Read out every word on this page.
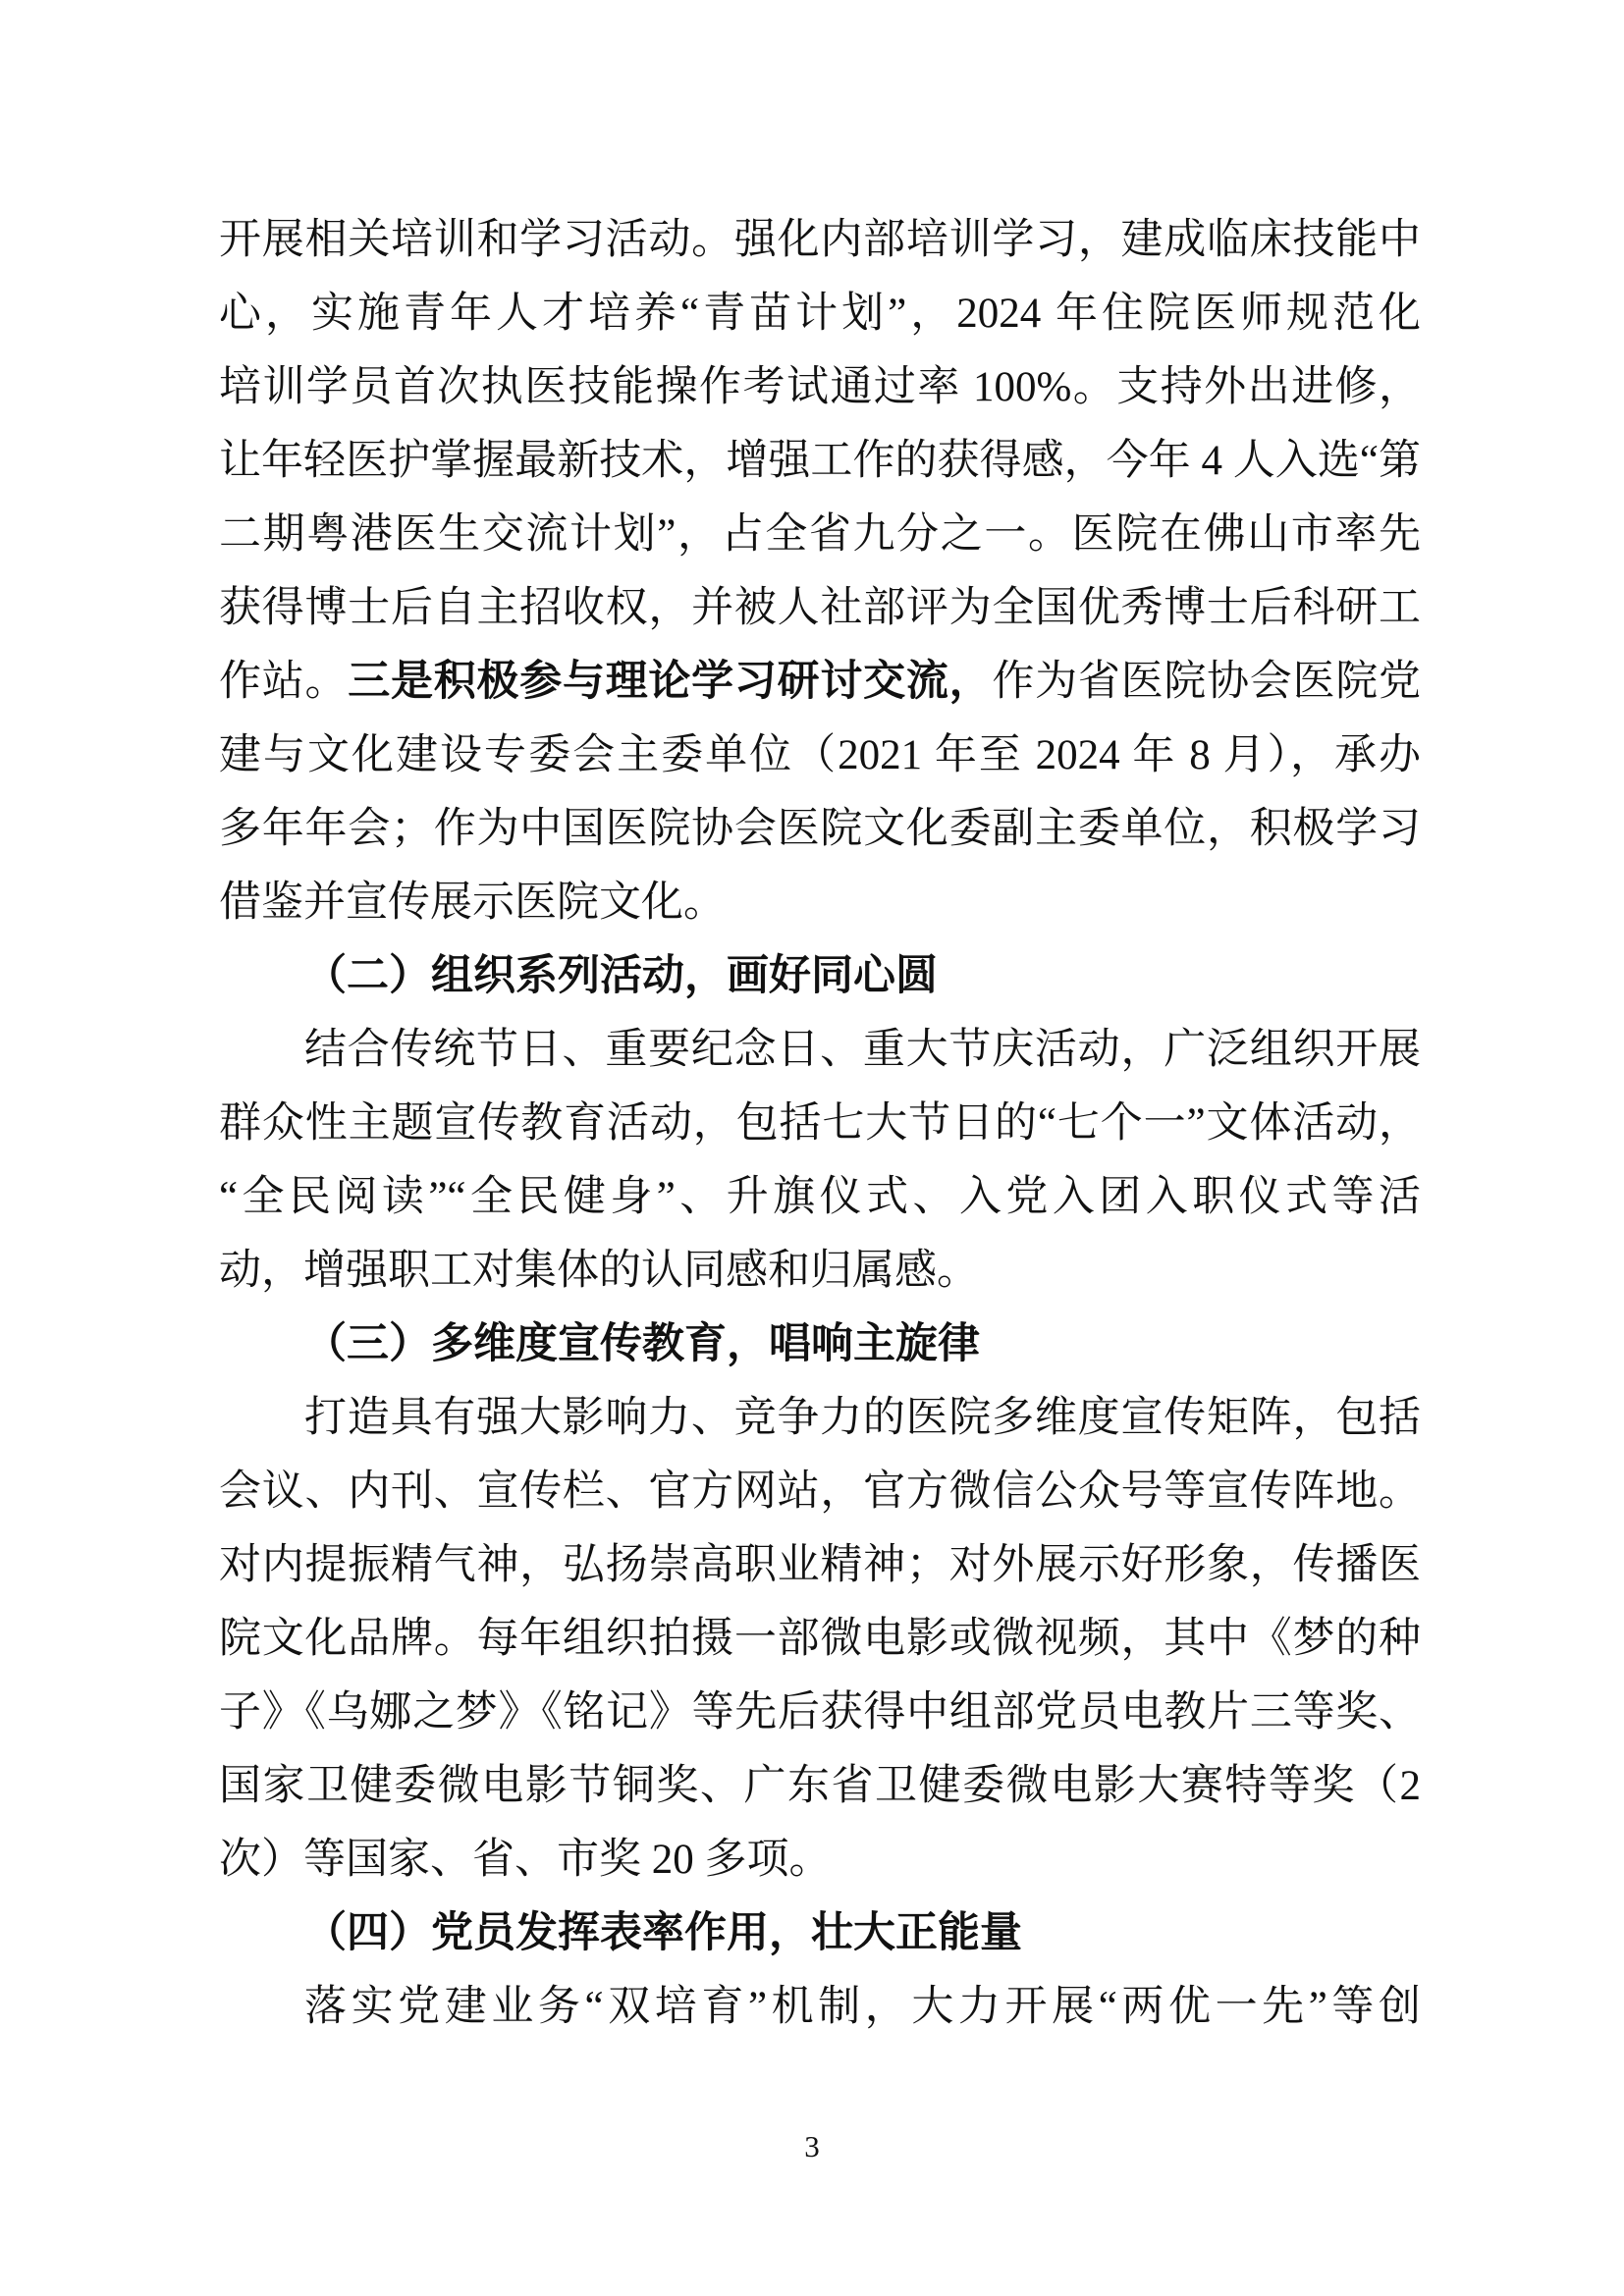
开展相关培训和学习活动。强化内部培训学习，建成临床技能中
心，实施青年人才培养“青苗计划”，2024 年住院医师规范化
培训学员首次执医技能操作考试通过率 100%。支持外出进修，
让年轻医护掌握最新技术，增强工作的获得感，今年 4 人入选“第
二期粤港医生交流计划”，占全省九分之一。医院在佛山市率先
获得博士后自主招收权，并被人社部评为全国优秀博士后科研工
作站。三是积极参与理论学习研讨交流，作为省医院协会医院党
建与文化建设专委会主委单位（2021 年至 2024 年 8 月），承办
多年年会；作为中国医院协会医院文化委副主委单位，积极学习
借鉴并宣传展示医院文化。
（二）组织系列活动，画好同心圆
结合传统节日、重要纪念日、重大节庆活动，广泛组织开展
群众性主题宣传教育活动，包括七大节日的“七个一”文体活动，
“全民阅读”“全民健身”、升旗仪式、入党入团入职仪式等活
动，增强职工对集体的认同感和归属感。
（三）多维度宣传教育，唱响主旋律
打造具有强大影响力、竞争力的医院多维度宣传矩阵，包括
会议、内刊、宣传栏、官方网站，官方微信公众号等宣传阵地。
对内提振精气神，弘扬崇高职业精神；对外展示好形象，传播医
院文化品牌。每年组织拍摄一部微电影或微视频，其中《梦的种
子》《乌娜之梦》《铭记》等先后获得中组部党员电教片三等奖、
国家卫健委微电影节铜奖、广东省卫健委微电影大赛特等奖（2
次）等国家、省、市奖 20 多项。
（四）党员发挥表率作用，壮大正能量
落实党建业务“双培育”机制，大力开展“两优一先”等创
3
